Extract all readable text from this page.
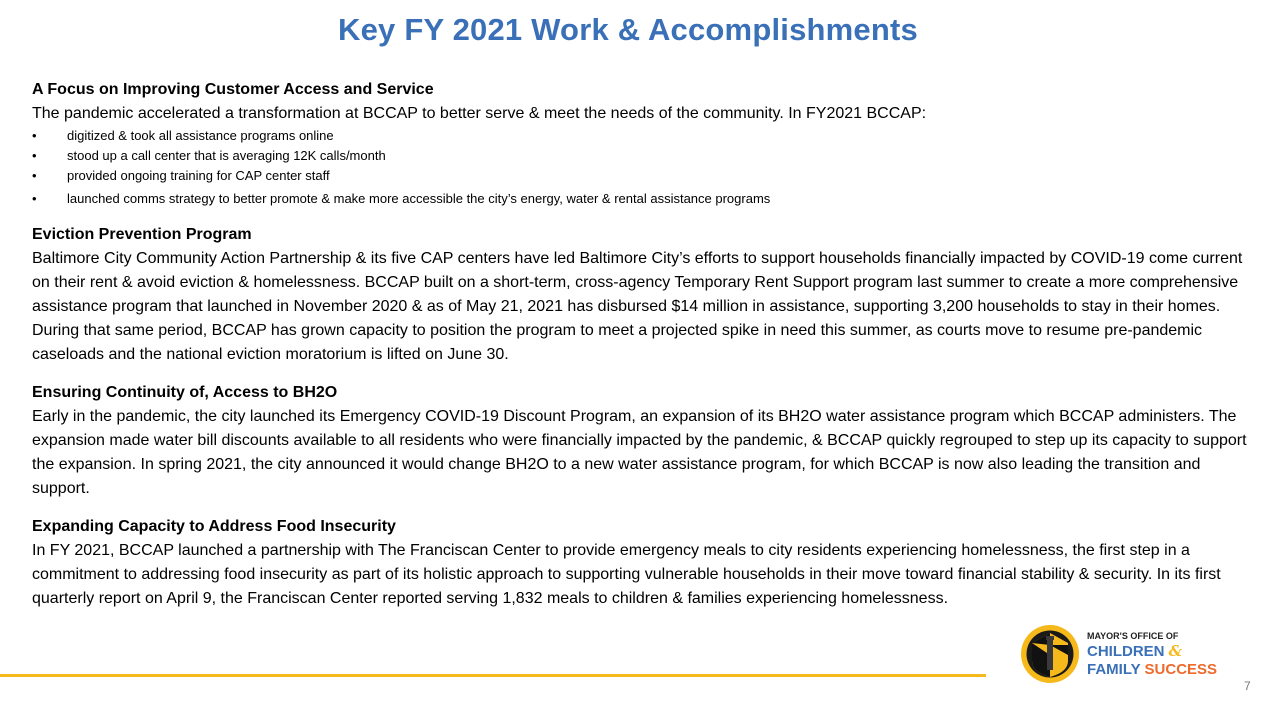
Key FY 2021 Work & Accomplishments

A Focus on Improving Customer Access and Service

The pandemic accelerated a transformation at BCCAP to better serve & meet the needs of the community. In FY2021 BCCAP:

• digitized & took all assistance programs online
• stood up a call center that is averaging 12K calls/month
• provided ongoing training for CAP center staff
• launched comms strategy to better promote & make more accessible the city’s energy, water & rental assistance programs

Eviction Prevention Program

Baltimore City Community Action Partnership & its five CAP centers have led Baltimore City’s efforts to support households financially impacted by COVID-19 come current on their rent & avoid eviction & homelessness. BCCAP built on a short-term, cross-agency Temporary Rent Support program last summer to create a more comprehensive assistance program that launched in November 2020 & as of May 21, 2021 has disbursed $14 million in assistance, supporting 3,200 households to stay in their homes. During that same period, BCCAP has grown capacity to position the program to meet a projected spike in need this summer, as courts move to resume pre-pandemic caseloads and the national eviction moratorium is lifted on June 30.

Ensuring Continuity of, Access to BH2O

Early in the pandemic, the city launched its Emergency COVID-19 Discount Program, an expansion of its BH2O water assistance program which BCCAP administers. The expansion made water bill discounts available to all residents who were financially impacted by the pandemic, & BCCAP quickly regrouped to step up its capacity to support the expansion. In spring 2021, the city announced it would change BH2O to a new water assistance program, for which BCCAP is now also leading the transition and support.

Expanding Capacity to Address Food Insecurity

In FY 2021, BCCAP launched a partnership with The Franciscan Center to provide emergency meals to city residents experiencing homelessness, the first step in a commitment to addressing food insecurity as part of its holistic approach to supporting vulnerable households in their move toward financial stability & security. In its first quarterly report on April 9, the Franciscan Center reported serving 1,832 meals to children & families experiencing homelessness.

MAYOR'S OFFICE OF
CHILDREN &
FAMILY SUCCESS
7
